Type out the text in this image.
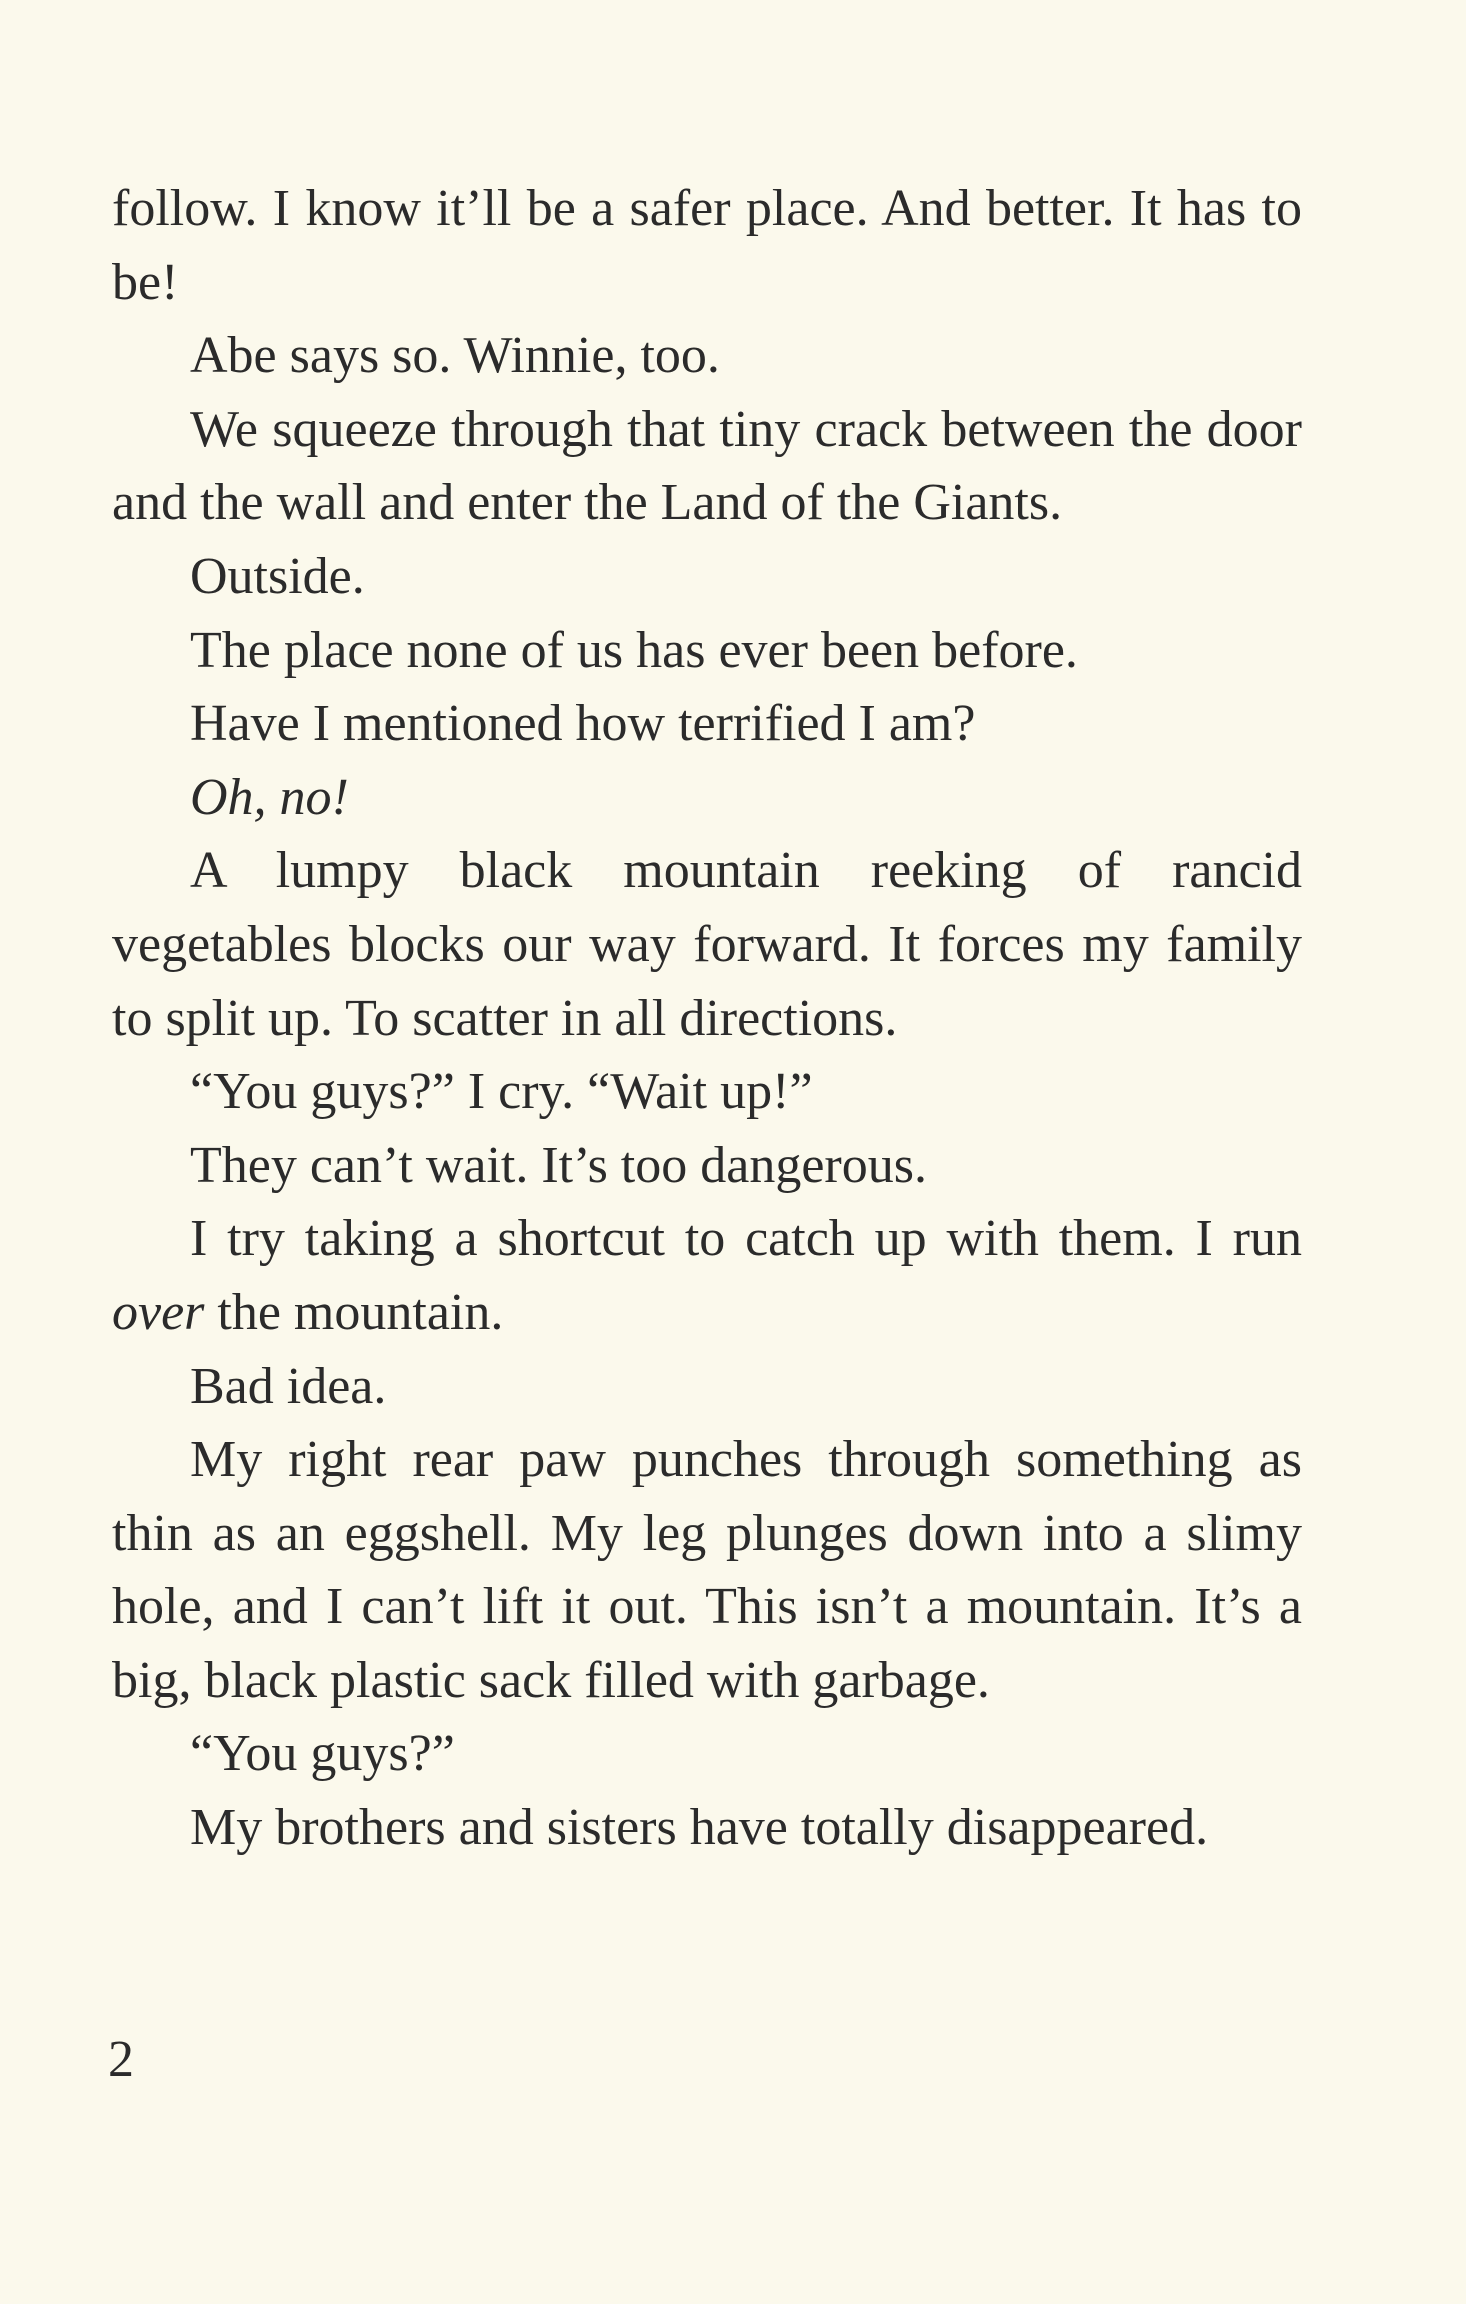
follow. I know it’ll be a safer place. And better. It has to be!

Abe says so. Winnie, too.

We squeeze through that tiny crack between the door and the wall and enter the Land of the Giants.

Outside.

The place none of us has ever been before.

Have I mentioned how terrified I am?

Oh, no!

A lumpy black mountain reeking of rancid vegetables blocks our way forward. It forces my family to split up. To scatter in all directions.

“You guys?” I cry. “Wait up!”

They can’t wait. It’s too dangerous.

I try taking a shortcut to catch up with them. I run over the mountain.

Bad idea.

My right rear paw punches through something as thin as an eggshell. My leg plunges down into a slimy hole, and I can’t lift it out. This isn’t a mountain. It’s a big, black plastic sack filled with garbage.

“You guys?”

My brothers and sisters have totally disappeared.

2
